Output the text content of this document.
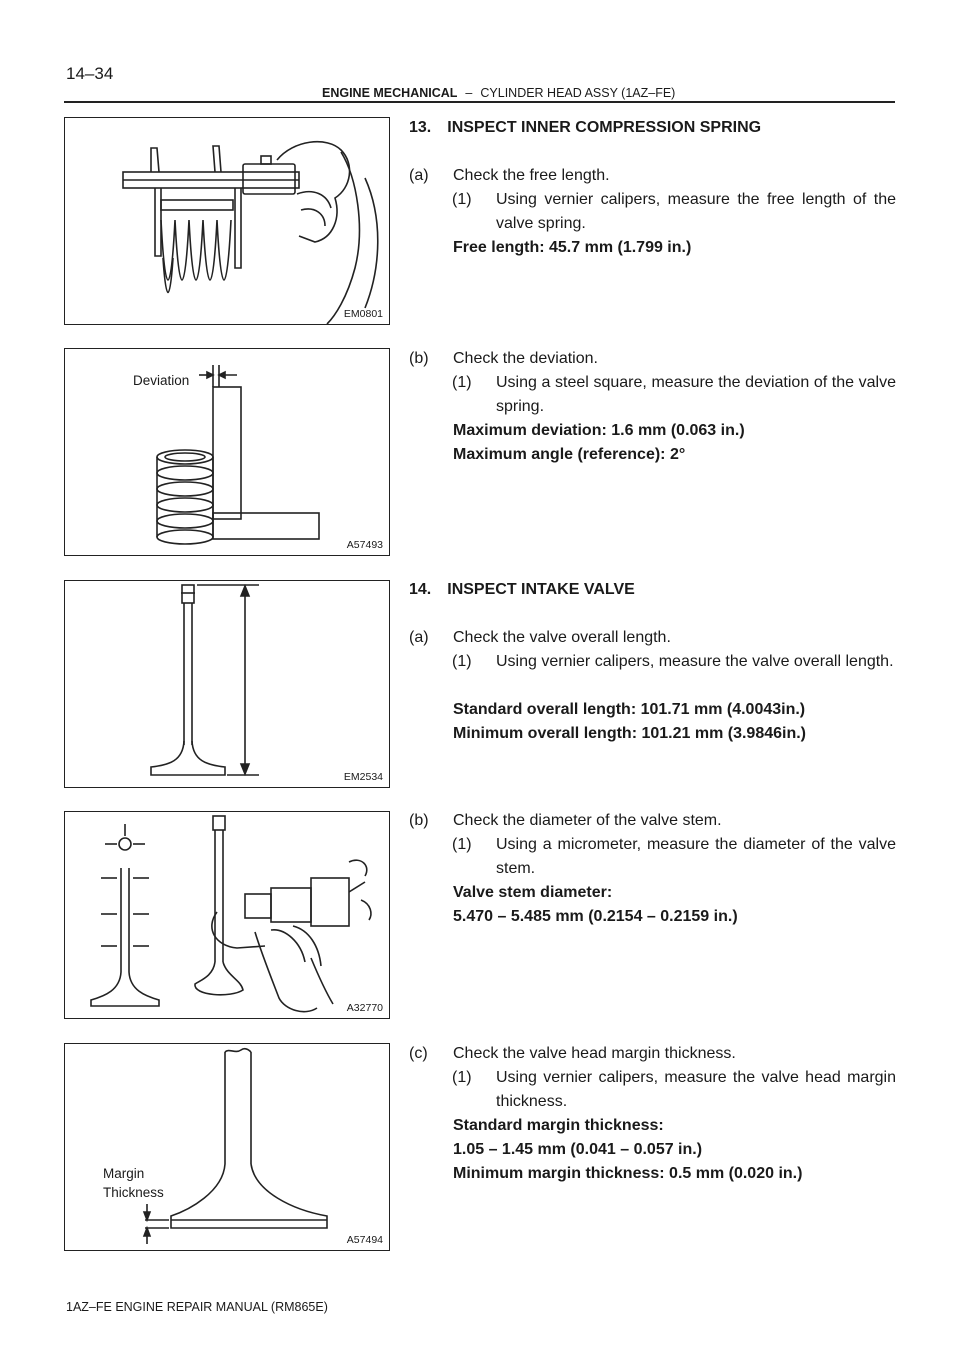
14–34
ENGINE MECHANICAL – CYLINDER HEAD ASSY (1AZ–FE)
EM0801
Deviation
A57493
EM2534
A32770
Margin
Thickness
A57494
13. INSPECT INNER COMPRESSION SPRING
(a) Check the free length.
(1) Using vernier calipers, measure the free length of the valve spring.
Free length: 45.7 mm (1.799 in.)
(b) Check the deviation.
(1) Using a steel square, measure the deviation of the valve spring.
Maximum deviation: 1.6 mm (0.063 in.)
Maximum angle (reference): 2°
14. INSPECT INTAKE VALVE
(a) Check the valve overall length.
(1) Using vernier calipers, measure the valve overall length.
Standard overall length: 101.71 mm (4.0043in.)
Minimum overall length: 101.21 mm (3.9846in.)
(b) Check the diameter of the valve stem.
(1) Using a micrometer, measure the diameter of the valve stem.
Valve stem diameter:
5.470 – 5.485 mm (0.2154 – 0.2159 in.)
(c) Check the valve head margin thickness.
(1) Using vernier calipers, measure the valve head margin thickness.
Standard margin thickness:
1.05 – 1.45 mm (0.041 – 0.057 in.)
Minimum margin thickness: 0.5 mm (0.020 in.)
1AZ–FE ENGINE REPAIR MANUAL (RM865E)
